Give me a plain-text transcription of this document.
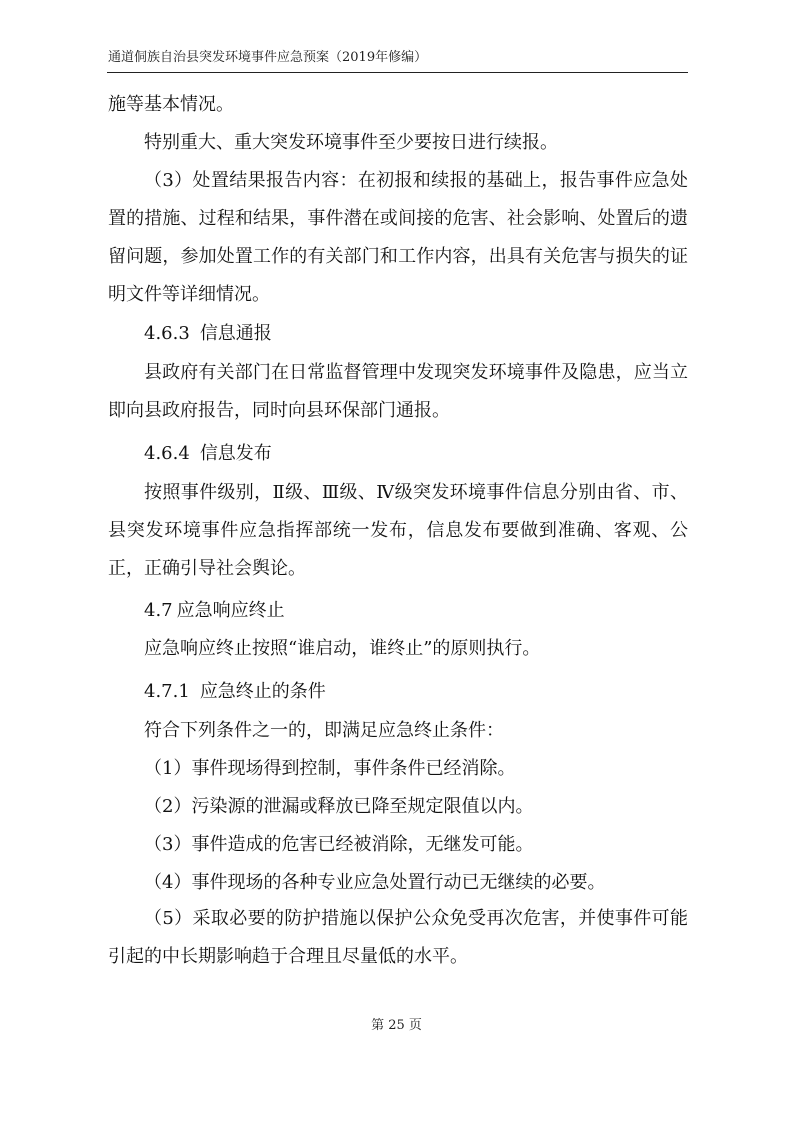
通道侗族自治县突发环境事件应急预案（2019年修编）

施等基本情况。

特别重大、重大突发环境事件至少要按日进行续报。

（3）处置结果报告内容：在初报和续报的基础上，报告事件应急处置的措施、过程和结果，事件潜在或间接的危害、社会影响、处置后的遗留问题，参加处置工作的有关部门和工作内容，出具有关危害与损失的证明文件等详细情况。

4.6.3 信息通报

县政府有关部门在日常监督管理中发现突发环境事件及隐患，应当立即向县政府报告，同时向县环保部门通报。

4.6.4 信息发布

按照事件级别，Ⅱ级、Ⅲ级、Ⅳ级突发环境事件信息分别由省、市、县突发环境事件应急指挥部统一发布，信息发布要做到准确、客观、公正，正确引导社会舆论。

4.7 应急响应终止

应急响应终止按照“谁启动，谁终止”的原则执行。

4.7.1 应急终止的条件

符合下列条件之一的，即满足应急终止条件：

（1）事件现场得到控制，事件条件已经消除。

（2）污染源的泄漏或释放已降至规定限值以内。

（3）事件造成的危害已经被消除，无继发可能。

（4）事件现场的各种专业应急处置行动已无继续的必要。

（5）采取必要的防护措施以保护公众免受再次危害，并使事件可能引起的中长期影响趋于合理且尽量低的水平。

第 25 页
